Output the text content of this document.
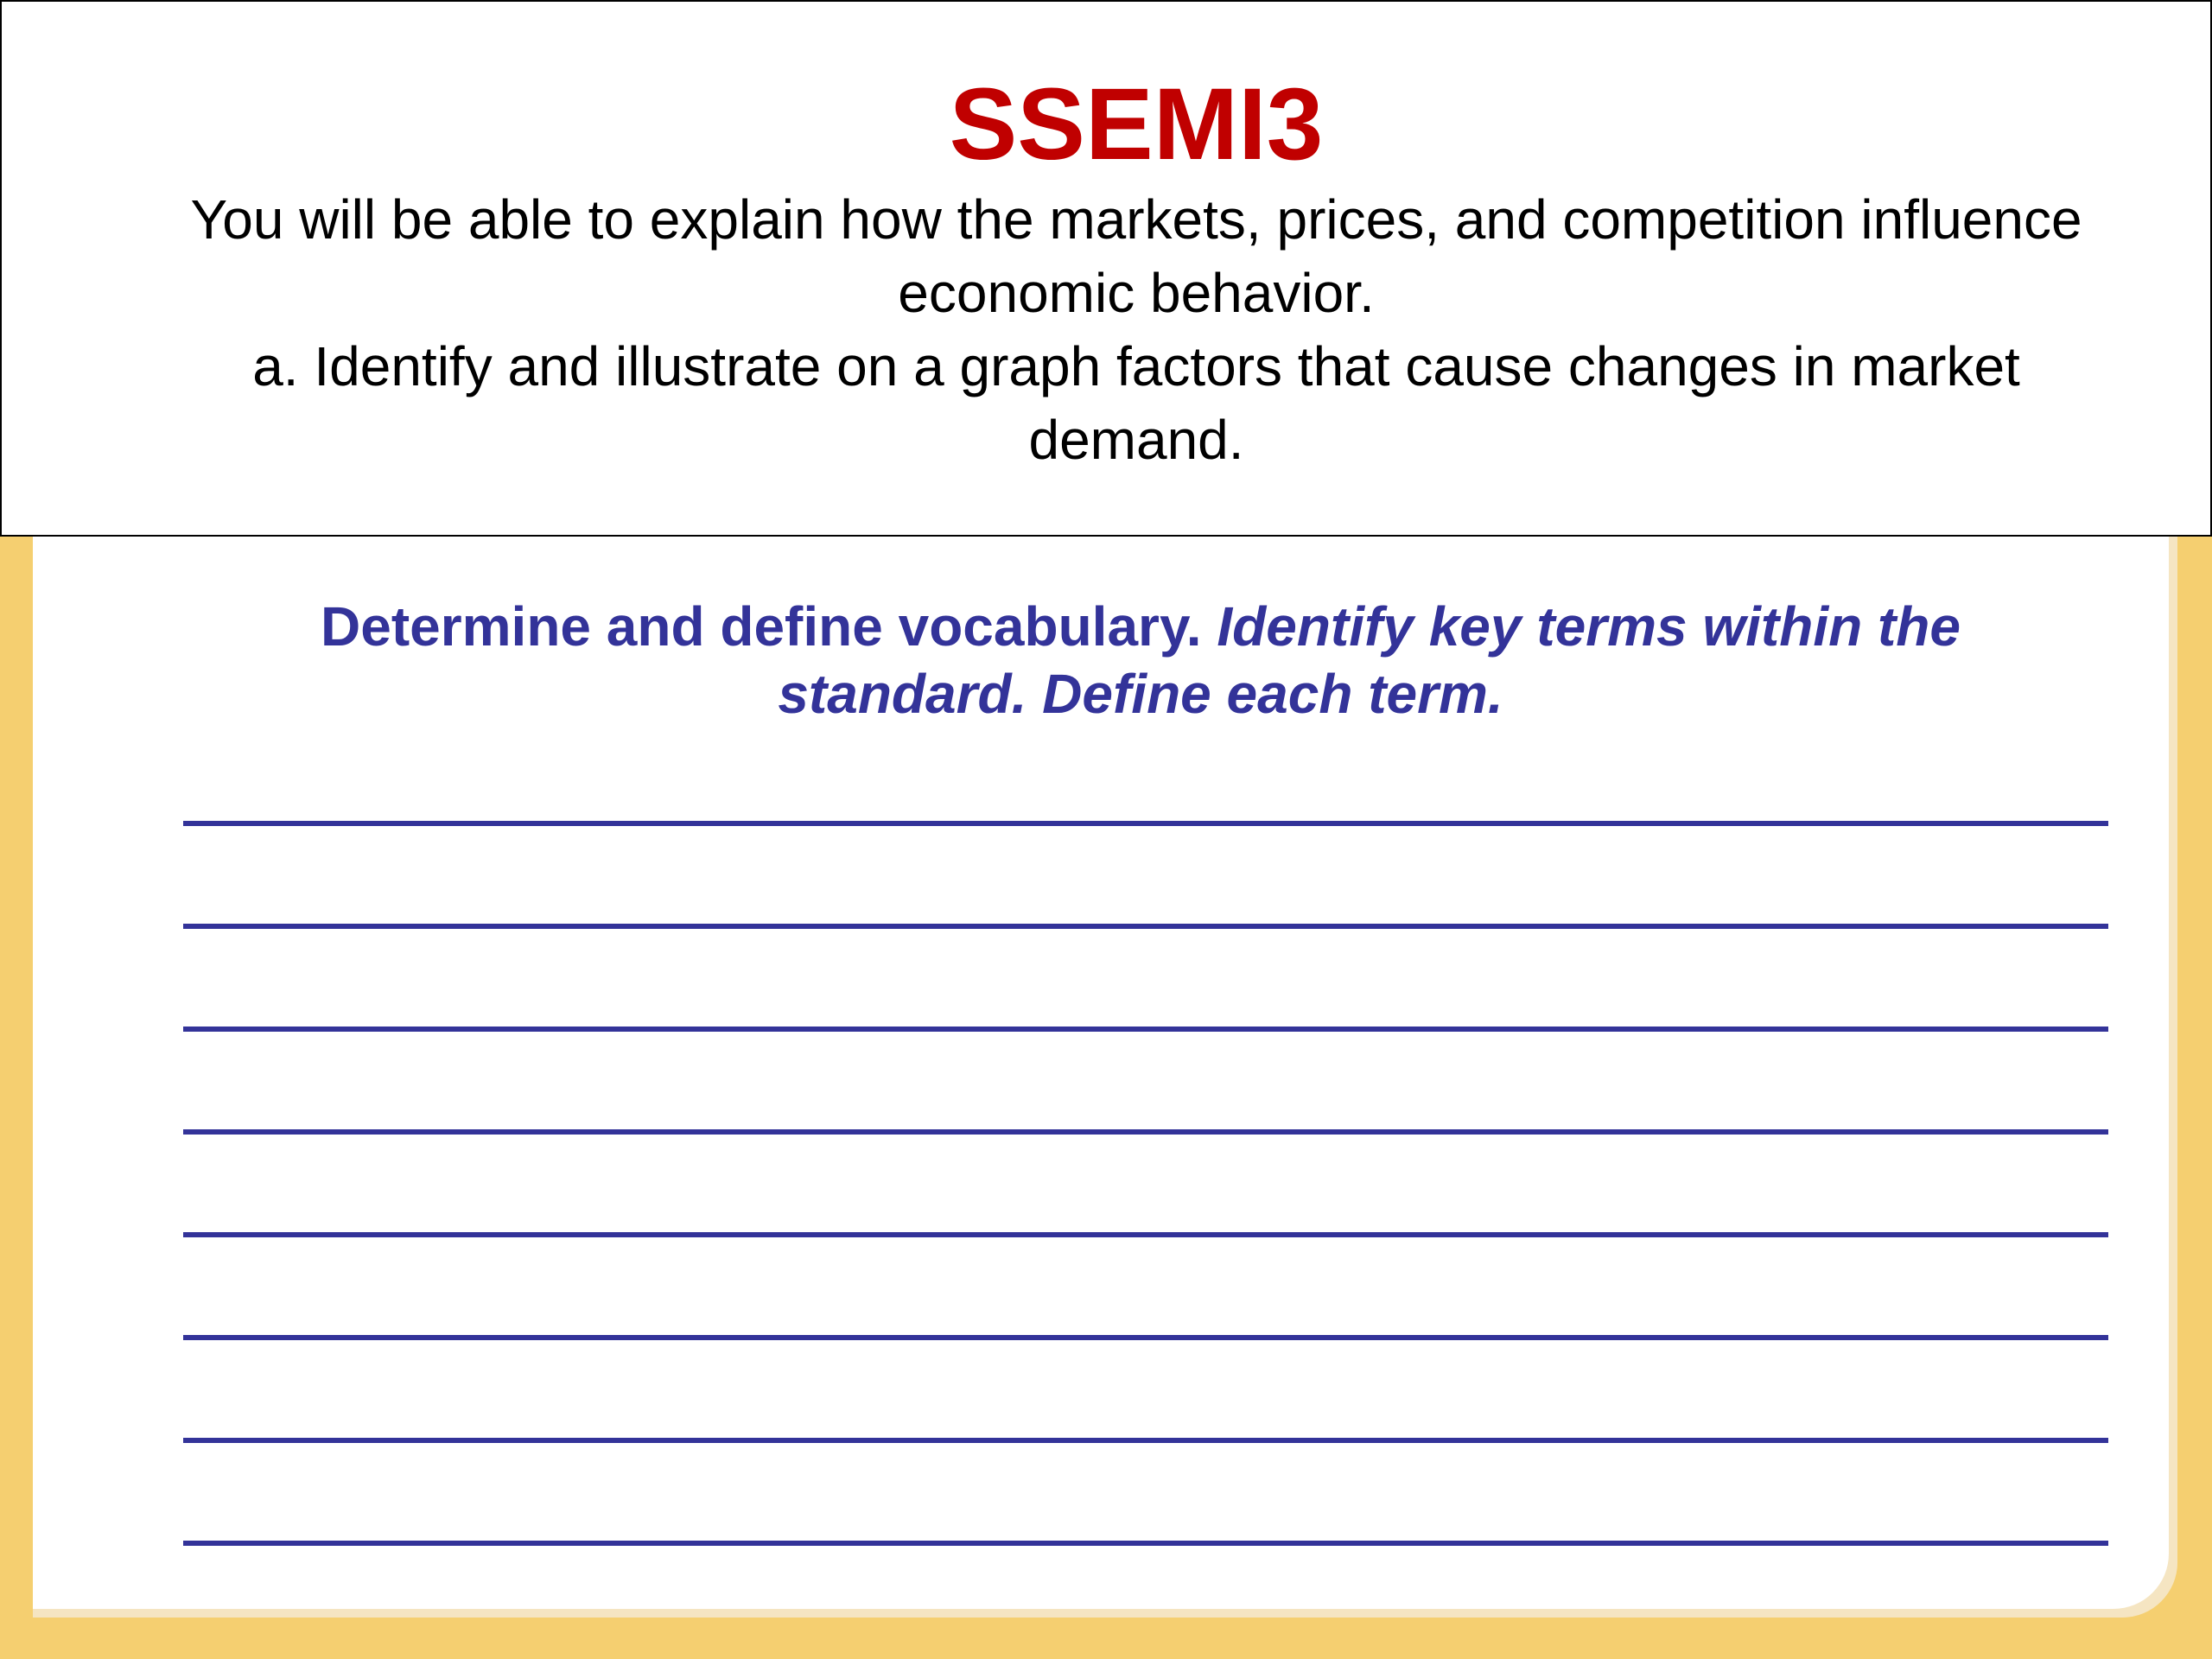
SSEMI3

You will be able to explain how the markets, prices, and competition influence
economic behavior.
a. Identify and illustrate on a graph factors that cause changes in market
demand.

Determine and define vocabulary. Identify key terms within the
standard. Define each term.
